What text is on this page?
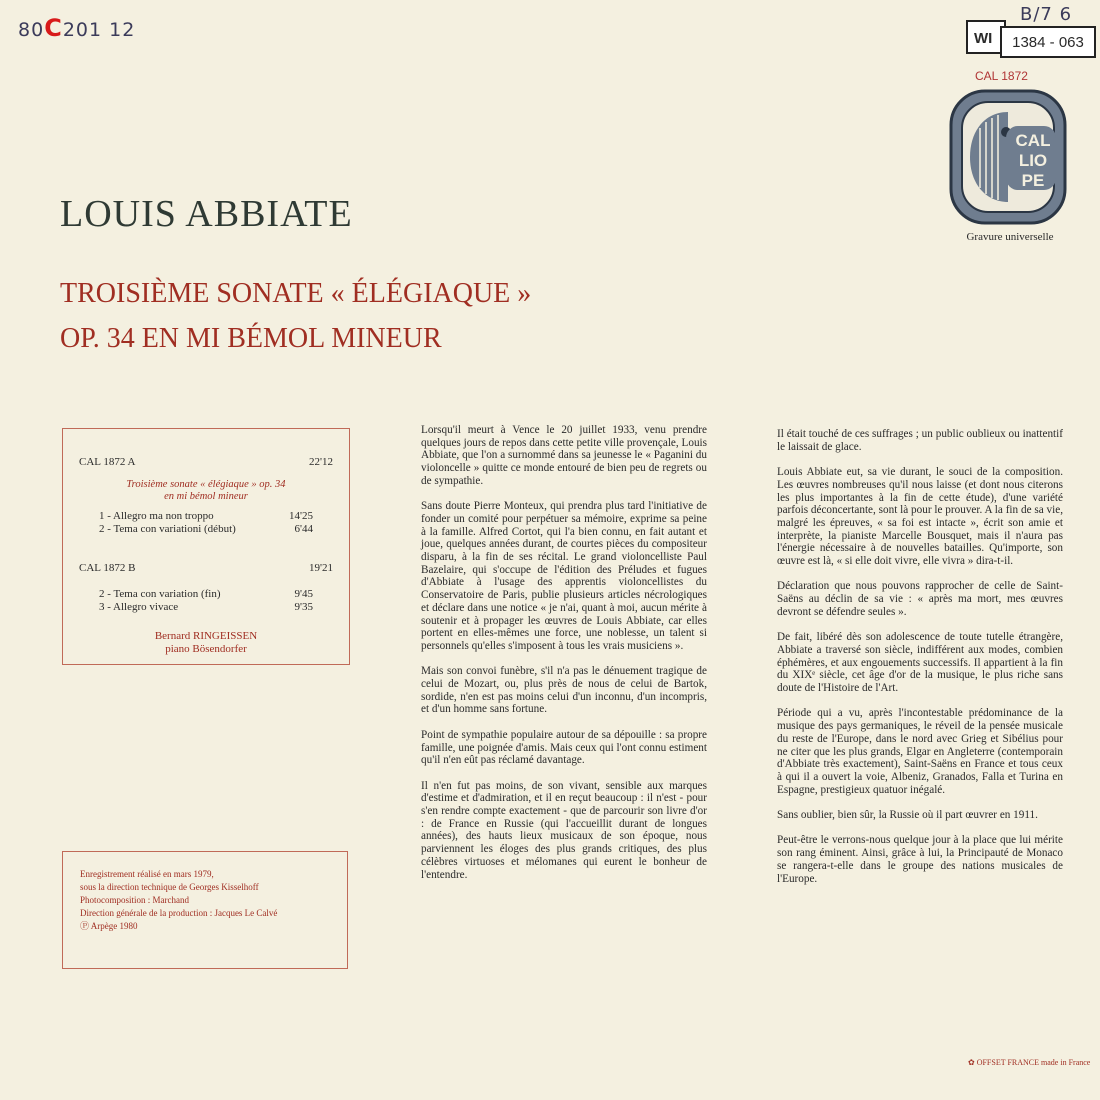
80C201 12
B/7 6
WI	1384 - 063
CAL 1872
CAL
LIO
PE
Gravure universelle
LOUIS ABBIATE
TROISIÈME SONATE « ÉLÉGIAQUE »
OP. 34 EN MI BÉMOL MINEUR
CAL 1872 A	22'12
Troisième sonate « élégiaque » op. 34
en mi bémol mineur
1 - Allegro ma non troppo	14'25
2 - Tema con variationi (début)	6'44
CAL 1872 B	19'21
2 - Tema con variation (fin)	9'45
3 - Allegro vivace	9'35
Bernard RINGEISSEN
piano Bösendorfer
Enregistrement réalisé en mars 1979,
sous la direction technique de Georges Kisselhoff
Photocomposition : Marchand
Direction générale de la production : Jacques Le Calvé
Ⓟ Arpège 1980

Lorsqu'il meurt à Vence le 20 juillet 1933, venu prendre quelques jours de repos dans cette petite ville provençale, Louis Abbiate, que l'on a surnommé dans sa jeunesse le « Paganini du violoncelle » quitte ce monde entouré de bien peu de regrets ou de sympathie.

Sans doute Pierre Monteux, qui prendra plus tard l'initiative de fonder un comité pour perpétuer sa mémoire, exprime sa peine à la famille. Alfred Cortot, qui l'a bien connu, en fait autant et joue, quelques années durant, de courtes pièces du compositeur disparu, à la fin de ses récital. Le grand violoncelliste Paul Bazelaire, qui s'occupe de l'édition des Préludes et fugues d'Abbiate à l'usage des apprentis violoncellistes du Conservatoire de Paris, publie plusieurs articles nécrologiques et déclare dans une notice « je n'ai, quant à moi, aucun mérite à soutenir et à propager les œuvres de Louis Abbiate, car elles portent en elles-mêmes une force, une noblesse, un talent si personnels qu'elles s'imposent à tous les vrais musiciens ».

Mais son convoi funèbre, s'il n'a pas le dénuement tragique de celui de Mozart, ou, plus près de nous de celui de Bartok, sordide, n'en est pas moins celui d'un inconnu, d'un incompris, et d'un homme sans fortune.

Point de sympathie populaire autour de sa dépouille : sa propre famille, une poignée d'amis. Mais ceux qui l'ont connu estiment qu'il n'en eût pas réclamé davantage.

Il n'en fut pas moins, de son vivant, sensible aux marques d'estime et d'admiration, et il en reçut beaucoup : il n'est - pour s'en rendre compte exactement - que de parcourir son livre d'or : de France en Russie (qui l'accueillit durant de longues années), des hauts lieux musicaux de son époque, nous parviennent les éloges des plus grands critiques, des plus célèbres virtuoses et mélomanes qui eurent le bonheur de l'entendre.

Il était touché de ces suffrages ; un public oublieux ou inattentif le laissait de glace.

Louis Abbiate eut, sa vie durant, le souci de la composition. Les œuvres nombreuses qu'il nous laisse (et dont nous citerons les plus importantes à la fin de cette étude), d'une variété parfois déconcertante, sont là pour le prouver. A la fin de sa vie, malgré les épreuves, « sa foi est intacte », écrit son amie et interprète, la pianiste Marcelle Bousquet, mais il n'aura pas l'énergie nécessaire à de nouvelles batailles. Qu'importe, son œuvre est là, « si elle doit vivre, elle vivra » dira-t-il.

Déclaration que nous pouvons rapprocher de celle de Saint-Saëns au déclin de sa vie : « après ma mort, mes œuvres devront se défendre seules ».

De fait, libéré dès son adolescence de toute tutelle étrangère, Abbiate a traversé son siècle, indifférent aux modes, combien éphémères, et aux engouements successifs. Il appartient à la fin du XIXᵉ siècle, cet âge d'or de la musique, le plus riche sans doute de l'Histoire de l'Art.

Période qui a vu, après l'incontestable prédominance de la musique des pays germaniques, le réveil de la pensée musicale du reste de l'Europe, dans le nord avec Grieg et Sibélius pour ne citer que les plus grands, Elgar en Angleterre (contemporain d'Abbiate très exactement), Saint-Saëns en France et tous ceux à qui il a ouvert la voie, Albeniz, Granados, Falla et Turina en Espagne, prestigieux quatuor inégalé.

Sans oublier, bien sûr, la Russie où il part œuvrer en 1911.

Peut-être le verrons-nous quelque jour à la place que lui mérite son rang éminent. Ainsi, grâce à lui, la Principauté de Monaco se rangera-t-elle dans le groupe des nations musicales de l'Europe.

✿ OFFSET FRANCE made in France
